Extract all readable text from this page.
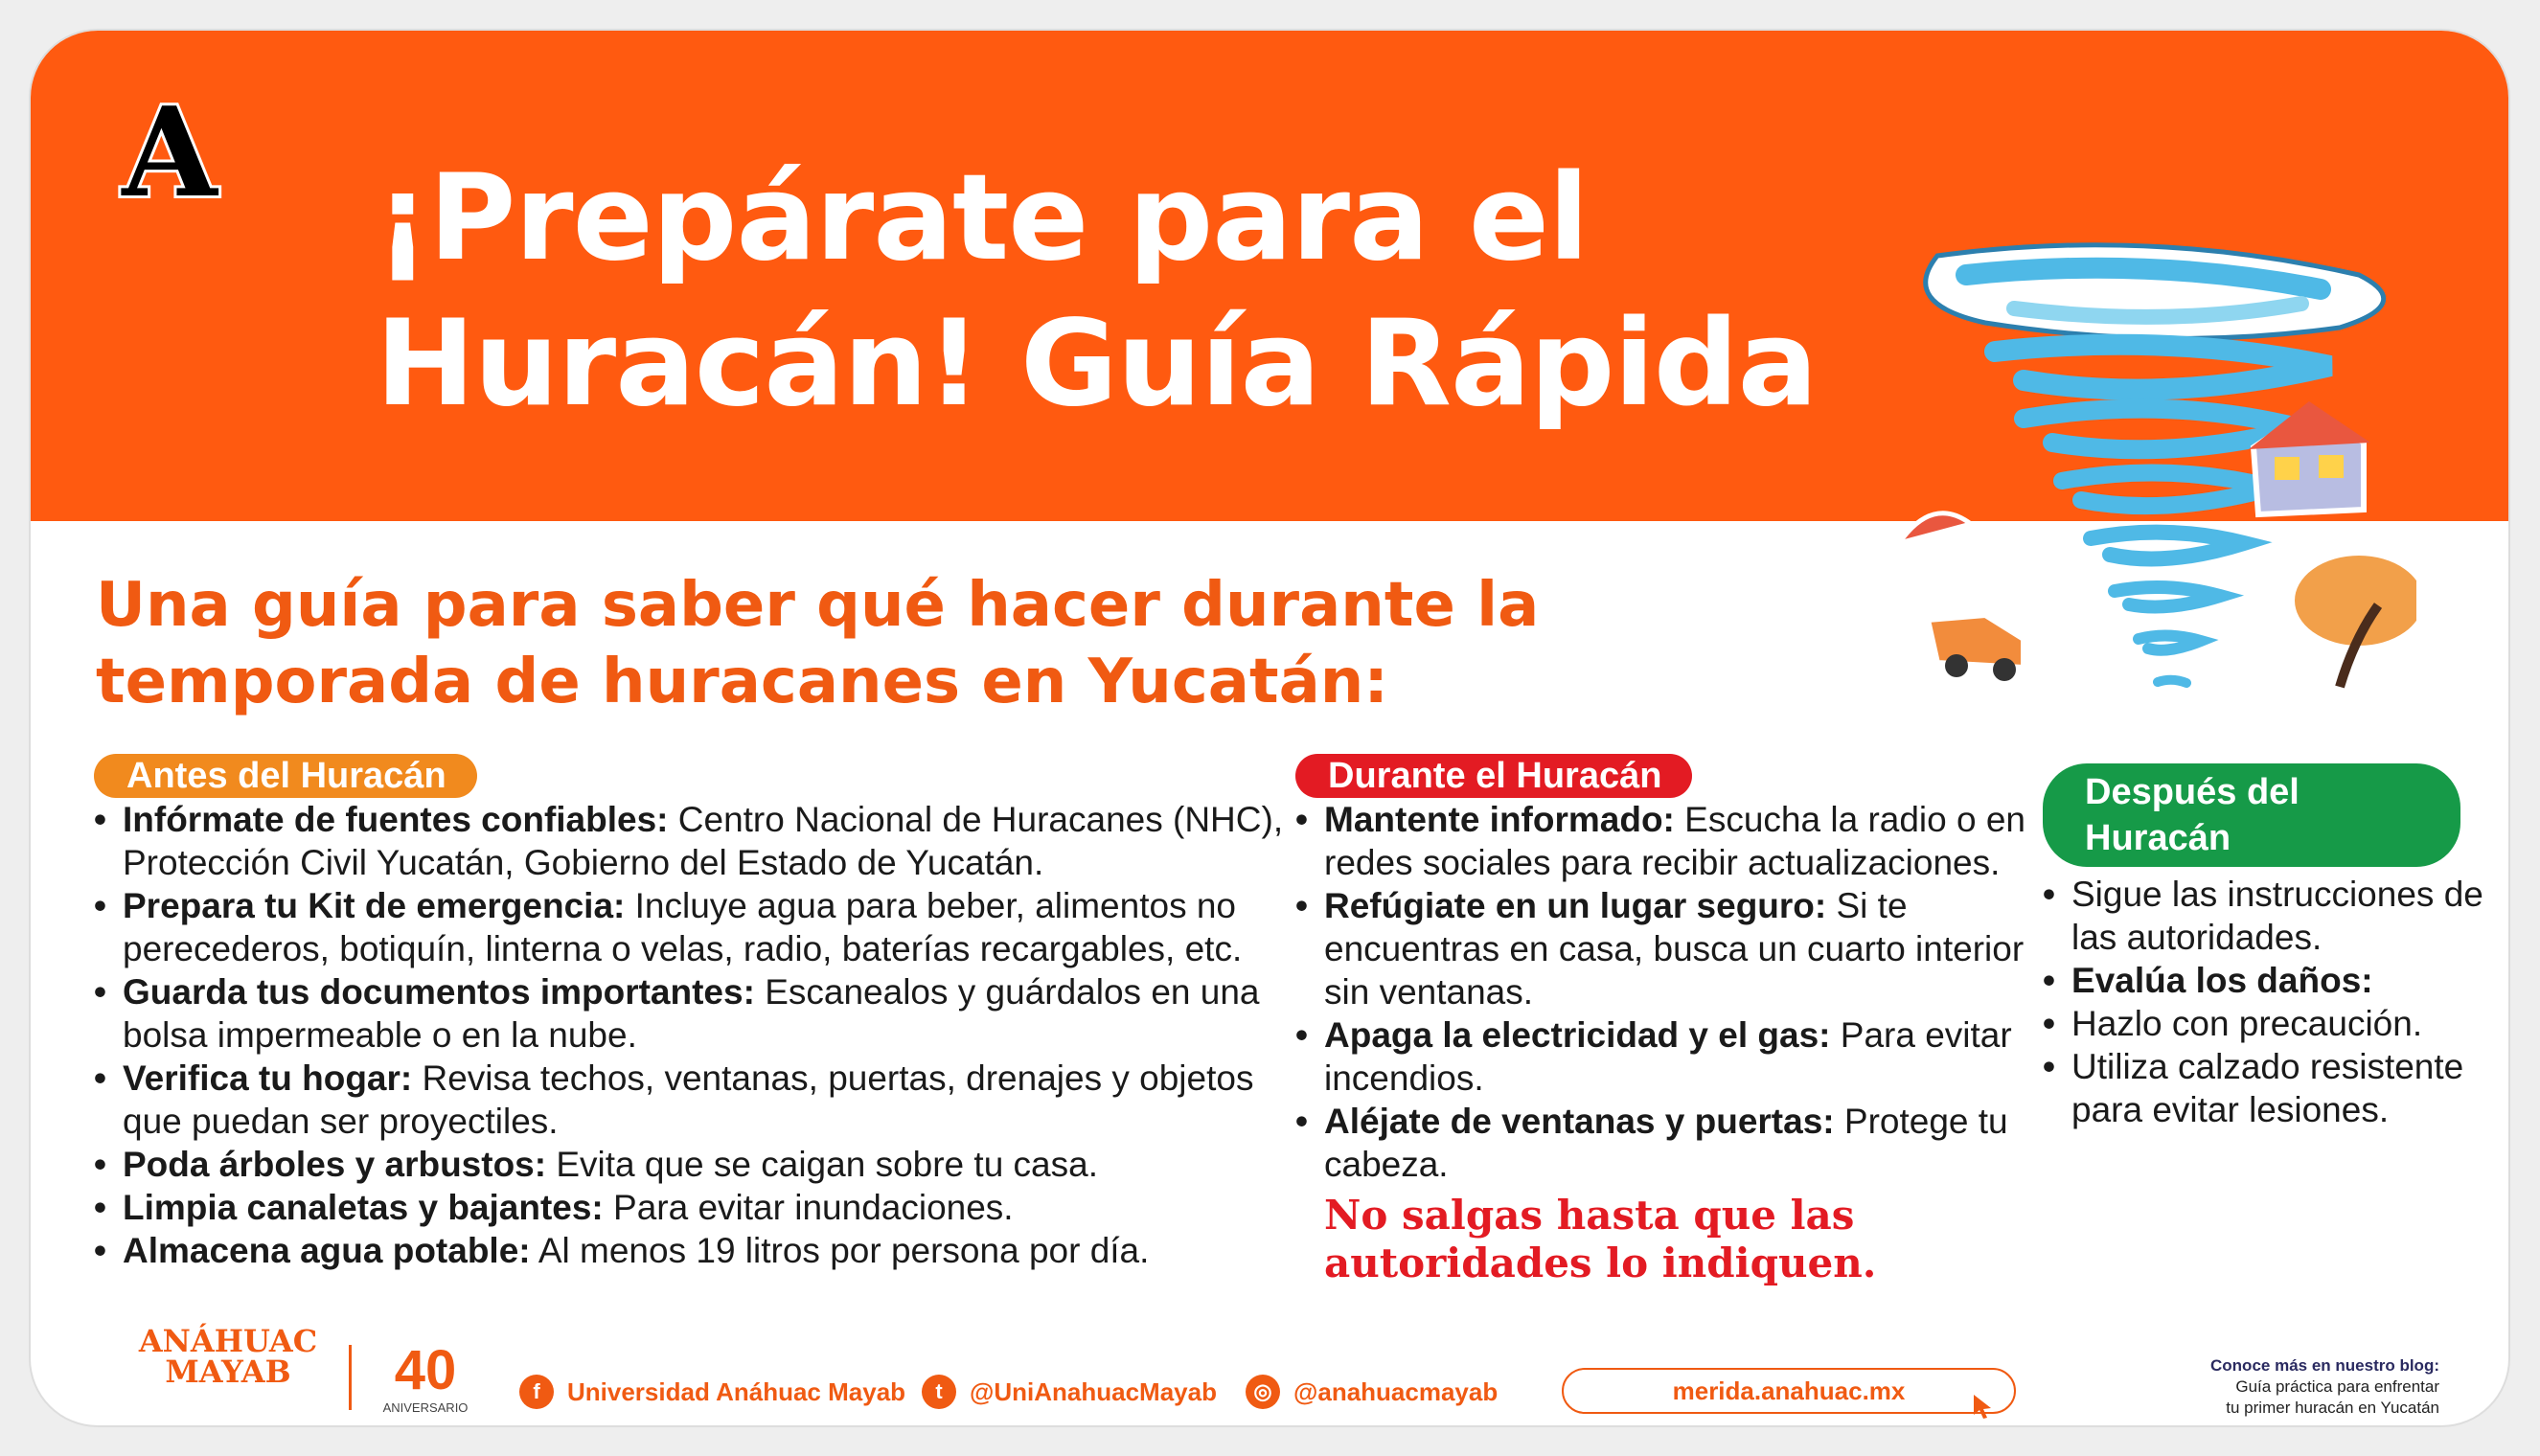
A ¡Prepárate para el
Huracán! Guía Rápida
Una guía para saber qué hacer durante la
temporada de huracanes en Yucatán:
Antes del Huracán
• Infórmate de fuentes confiables: Centro Nacional de Huracanes (NHC), Protección Civil Yucatán, Gobierno del Estado de Yucatán.
• Prepara tu Kit de emergencia: Incluye agua para beber, alimentos no perecederos, botiquín, linterna o velas, radio, baterías recargables, etc.
• Guarda tus documentos importantes: Escanealos y guárdalos en una bolsa impermeable o en la nube.
• Verifica tu hogar: Revisa techos, ventanas, puertas, drenajes y objetos que puedan ser proyectiles.
• Poda árboles y arbustos: Evita que se caigan sobre tu casa.
• Limpia canaletas y bajantes: Para evitar inundaciones.
• Almacena agua potable: Al menos 19 litros por persona por día.
Durante el Huracán
• Mantente informado: Escucha la radio o en redes sociales para recibir actualizaciones.
• Refúgiate en un lugar seguro: Si te encuentras en casa, busca un cuarto interior sin ventanas.
• Apaga la electricidad y el gas: Para evitar incendios.
• Aléjate de ventanas y puertas: Protege tu cabeza.
No salgas hasta que las
autoridades lo indiquen.
Después del Huracán
• Sigue las instrucciones de las autoridades.
• Evalúa los daños:
• Hazlo con precaución.
• Utiliza calzado resistente para evitar lesiones.
ANÁHUAC
MAYAB	40
ANIVERSARIO
f	Universidad Anáhuac Mayab	t	@UniAnahuacMayab	◎ @anahuacmayab	merida.anahuac.mx
Conoce más en nuestro blog:
Guía práctica para enfrentar
tu primer huracán en Yucatán
